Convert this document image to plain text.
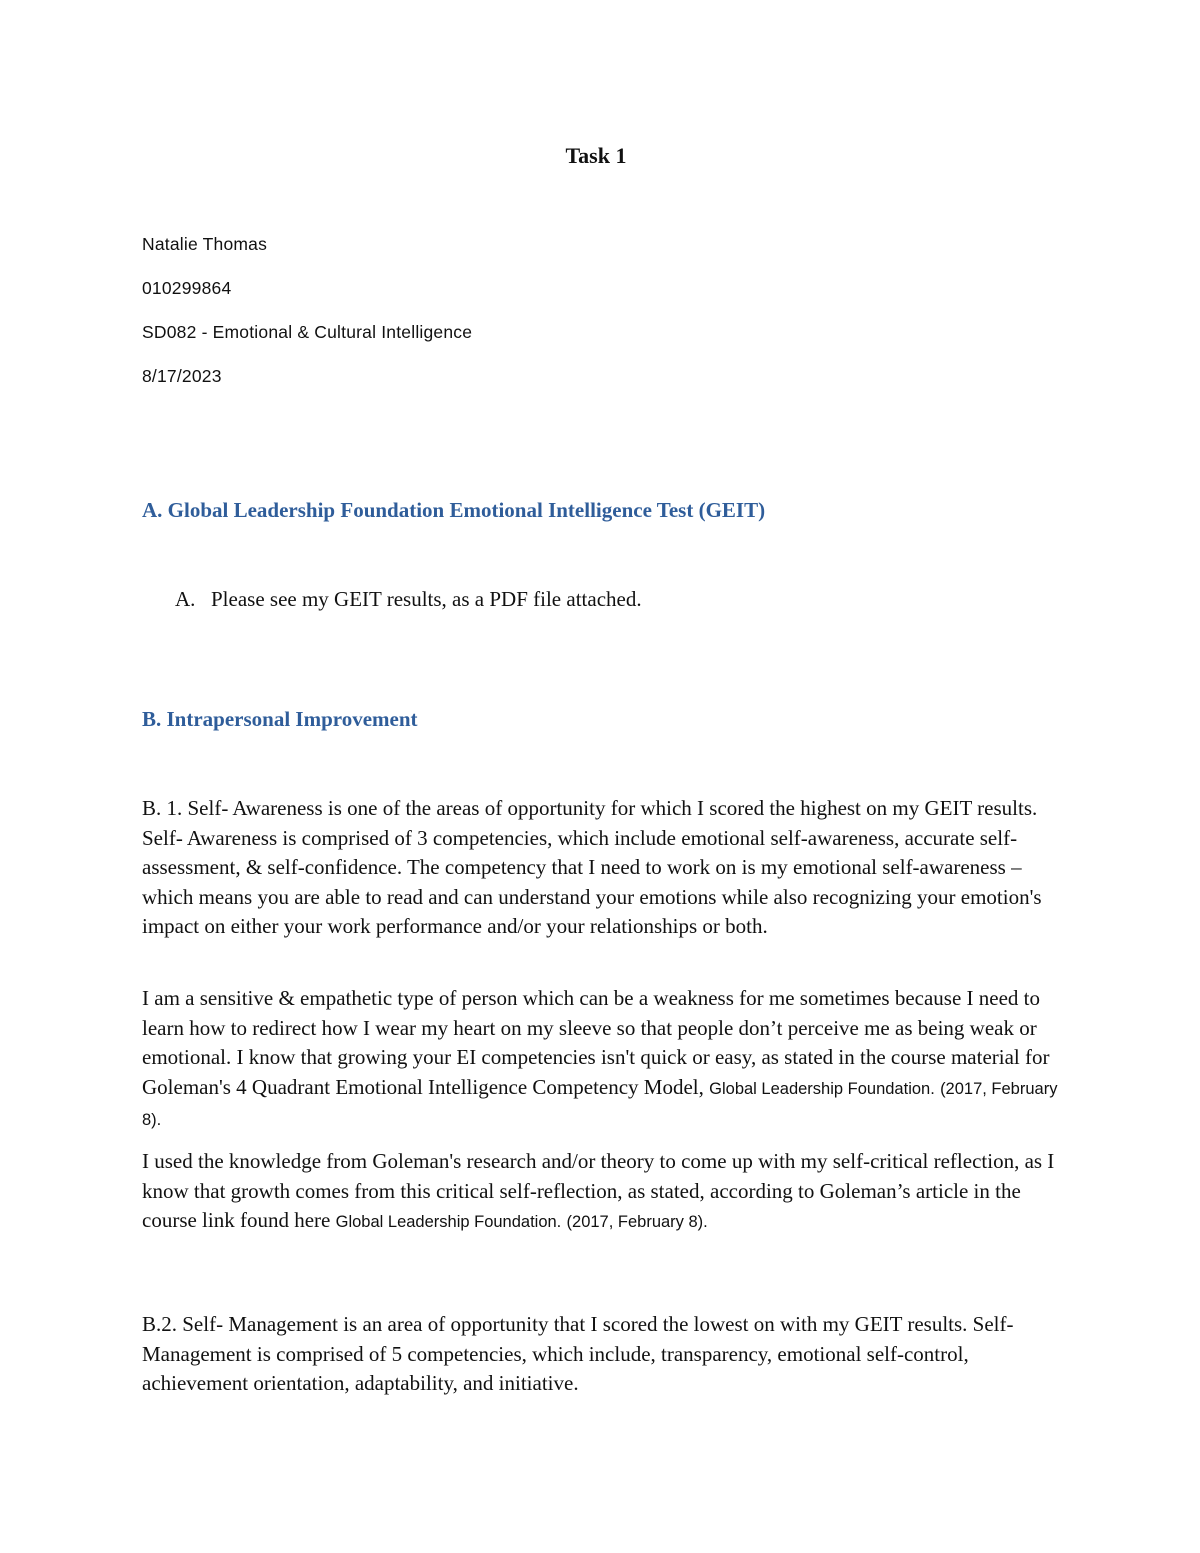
Task 1
Natalie Thomas
010299864
SD082 - Emotional & Cultural Intelligence
8/17/2023
A. Global Leadership Foundation Emotional Intelligence Test (GEIT)
A. Please see my GEIT results, as a PDF file attached.
B. Intrapersonal Improvement

B. 1. Self- Awareness is one of the areas of opportunity for which I scored the highest on my GEIT results. Self- Awareness is comprised of 3 competencies, which include emotional self-awareness, accurate self-assessment, & self-confidence. The competency that I need to work on is my emotional self-awareness – which means you are able to read and can understand your emotions while also recognizing your emotion's impact on either your work performance and/or your relationships or both.

I am a sensitive & empathetic type of person which can be a weakness for me sometimes because I need to learn how to redirect how I wear my heart on my sleeve so that people don’t perceive me as being weak or emotional. I know that growing your EI competencies isn't quick or easy, as stated in the course material for Goleman's 4 Quadrant Emotional Intelligence Competency Model, Global Leadership Foundation. (2017, February 8).

I used the knowledge from Goleman's research and/or theory to come up with my self-critical reflection, as I know that growth comes from this critical self-reflection, as stated, according to Goleman’s article in the course link found here Global Leadership Foundation. (2017, February 8).

B.2. Self- Management is an area of opportunity that I scored the lowest on with my GEIT results. Self-Management is comprised of 5 competencies, which include, transparency, emotional self-control, achievement orientation, adaptability, and initiative.
